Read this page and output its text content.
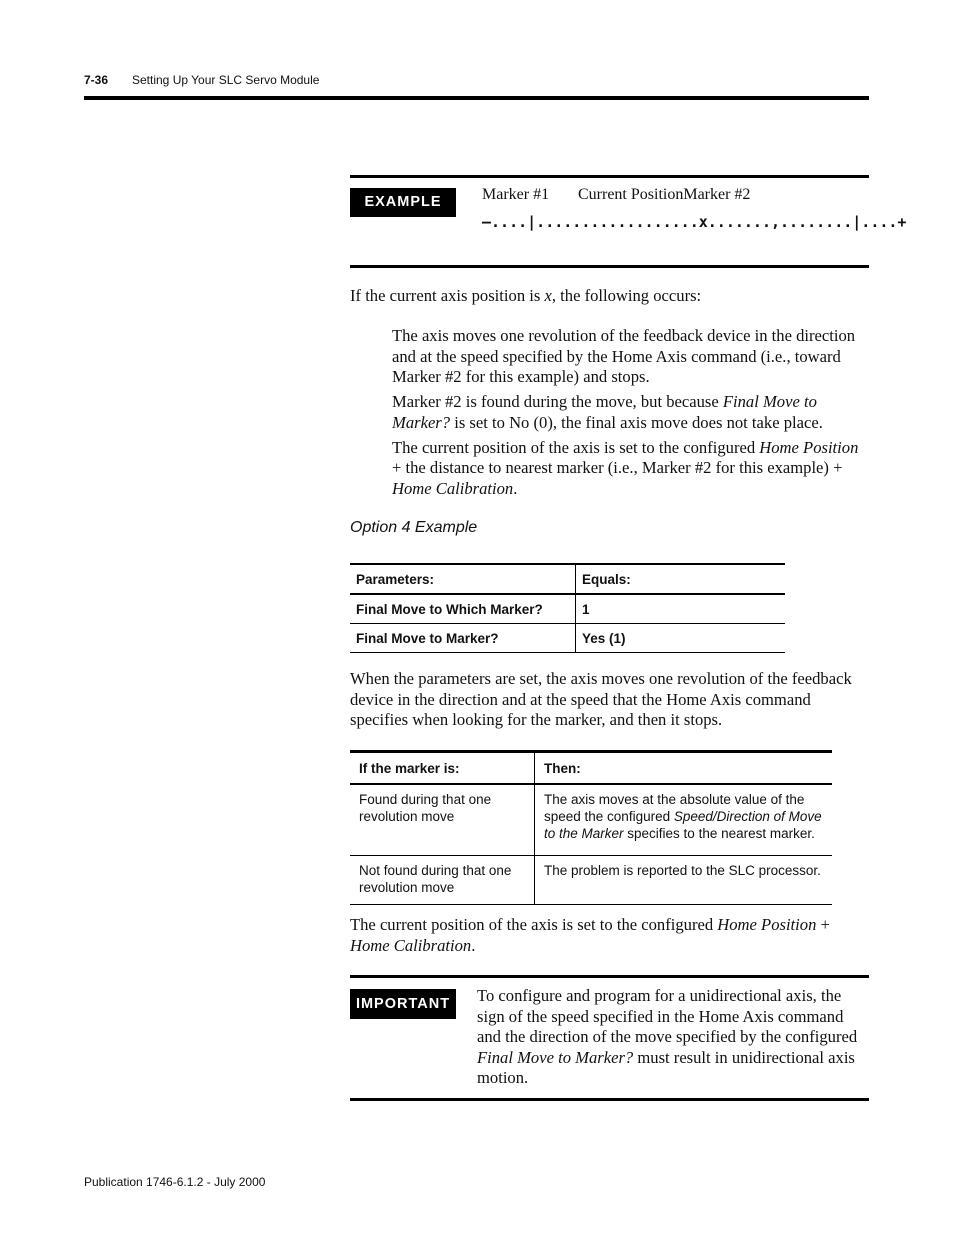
7-36 Setting Up Your SLC Servo Module
EXAMPLE	Marker #1 Current PositionMarker #2
–....|..................x.......,........|....+
If the current axis position is x, the following occurs:

The axis moves one revolution of the feedback device in the direction and at the speed specified by the Home Axis command (i.e., toward Marker #2 for this example) and stops.

Marker #2 is found during the move, but because Final Move to Marker? is set to No (0), the final axis move does not take place.

The current position of the axis is set to the configured Home Position + the distance to nearest marker (i.e., Marker #2 for this example) + Home Calibration.

Option 4 Example
Parameters:	Equals:
Final Move to Which Marker?	1
Final Move to Marker?	Yes (1)
When the parameters are set, the axis moves one revolution of the feedback device in the direction and at the speed that the Home Axis command specifies when looking for the marker, and then it stops.
If the marker is:	Then:
Found during that one revolution move	The axis moves at the absolute value of the speed the configured Speed/Direction of Move to the Marker specifies to the nearest marker.
Not found during that one revolution move	The problem is reported to the SLC processor.
The current position of the axis is set to the configured Home Position + Home Calibration.
IMPORTANT	To configure and program for a unidirectional axis, the sign of the speed specified in the Home Axis command and the direction of the move specified by the configured Final Move to Marker? must result in unidirectional axis motion.
Publication 1746-6.1.2 - July 2000
